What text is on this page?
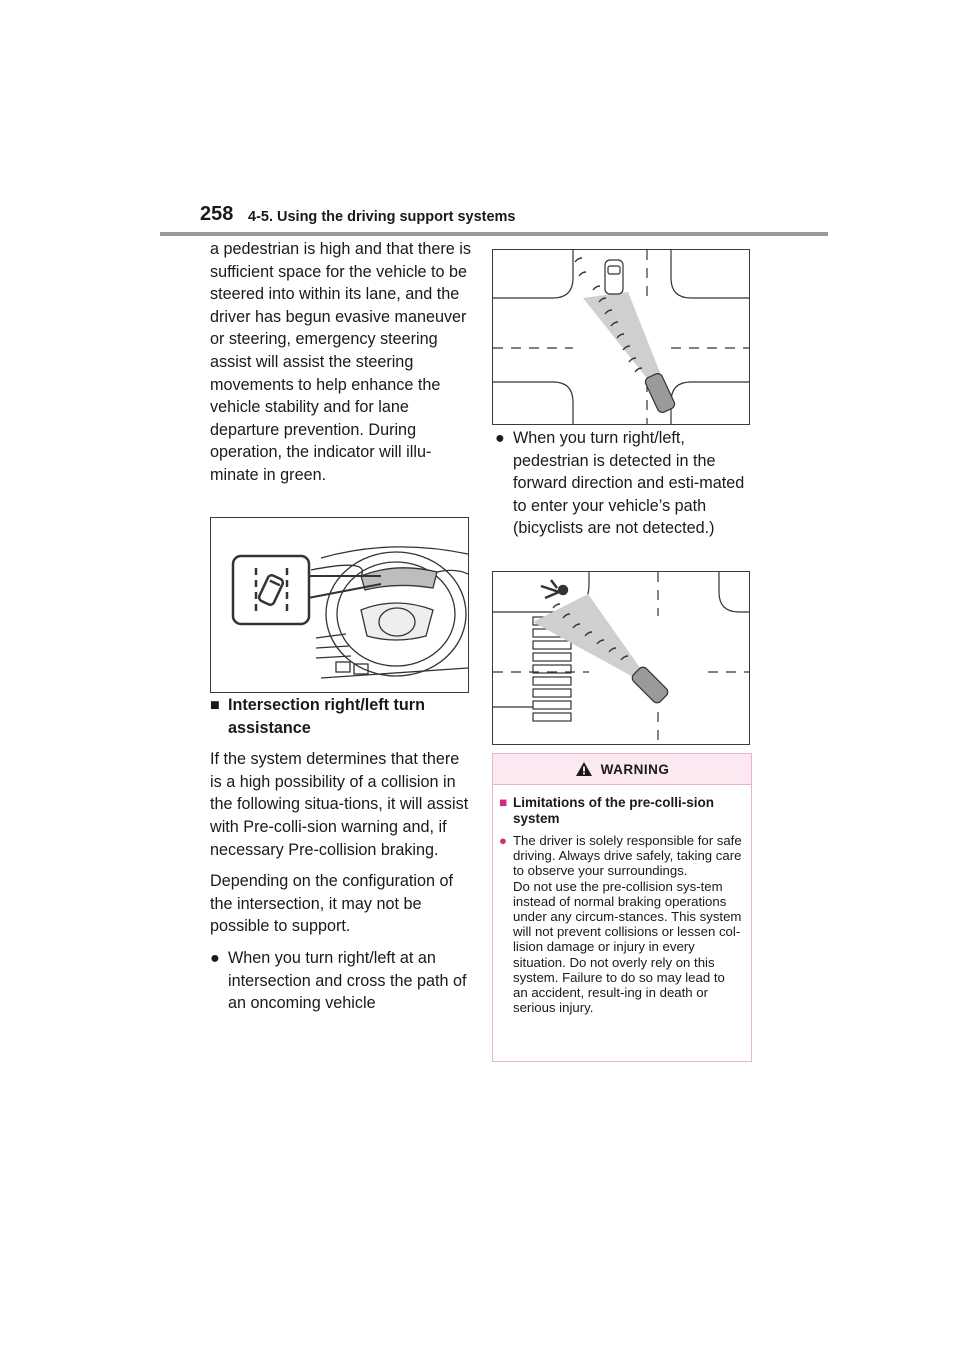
258 4-5. Using the driving support systems

a pedestrian is high and that there is sufficient space for the vehicle to be steered into within its lane, and the driver has begun evasive maneuver or steering, emergency steering assist will assist the steering movements to help enhance the vehicle stability and for lane departure prevention. During operation, the indicator will illu-minate in green.

■ Intersection right/left turn assistance

If the system determines that there is a high possibility of a collision in the following situa-tions, it will assist with Pre-colli-sion warning and, if necessary Pre-collision braking.

Depending on the configuration of the intersection, it may not be possible to support.

● When you turn right/left at an intersection and cross the path of an oncoming vehicle
● When you turn right/left, pedestrian is detected in the forward direction and esti-mated to enter your vehicle’s path (bicyclists are not detected.)
WARNING
■ Limitations of the pre-colli-sion system
● The driver is solely responsible for safe driving. Always drive safely, taking care to observe your surroundings.

Do not use the pre-collision sys-tem instead of normal braking operations under any circum-stances. This system will not prevent collisions or lessen col-lision damage or injury in every situation. Do not overly rely on this system. Failure to do so may lead to an accident, result-ing in death or serious injury.
